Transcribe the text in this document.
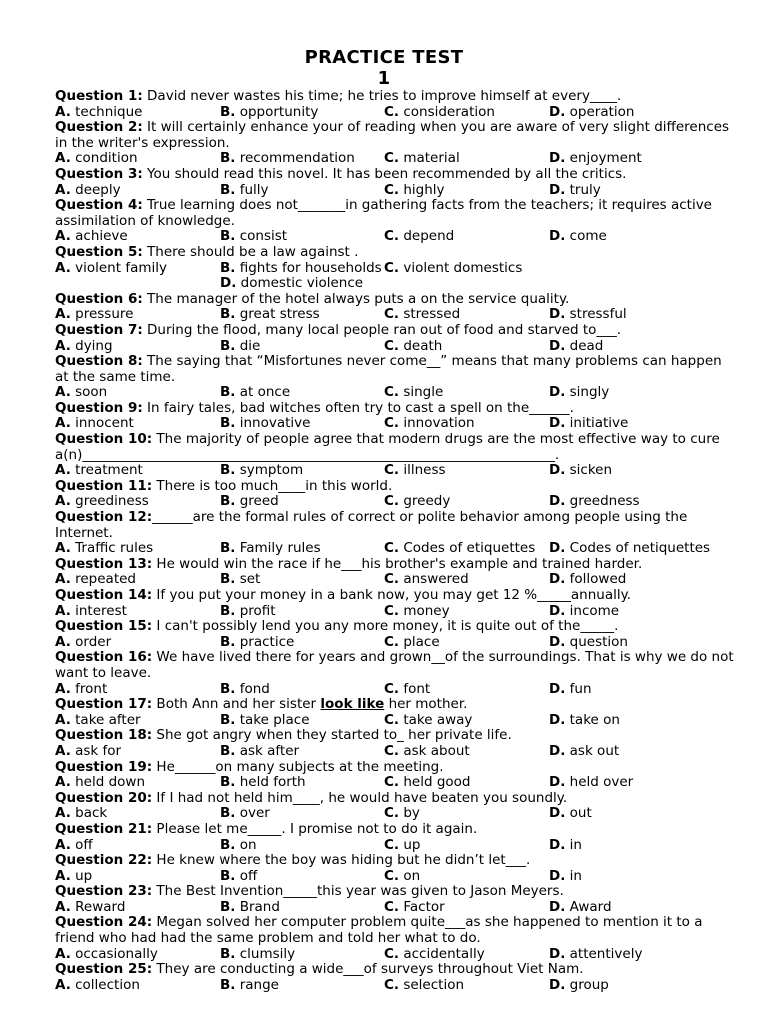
PRACTICE TEST
1
Question 1: David never wastes his time; he tries to improve himself at every____.
A. technique	B. opportunity	C. consideration	D. operation
Question 2: It will certainly enhance your of reading when you are aware of very slight differences in the writer's expression.
A. condition	B. recommendation C. material	D. enjoyment
Question 3: You should read this novel. It has been recommended by all the critics.
A. deeply	B. fully	C. highly	D. truly
Question 4: True learning does not_______in gathering facts from the teachers; it requires active assimilation of knowledge.
A. achieve	B. consist	C. depend	D. come
Question 5: There should be a law against .
A. violent family	B. fights for households C. violent domestics
D. domestic violence
Question 6: The manager of the hotel always puts a on the service quality.
A. pressure	B. great stress	C. stressed	D. stressful
Question 7: During the flood, many local people ran out of food and starved to___.
A. dying	B. die	C. death	D. dead
Question 8: The saying that “Misfortunes never come__” means that many problems can happen at the same time.
A. soon	B. at once	C. single	D. singly
Question 9: In fairy tales, bad witches often try to cast a spell on the______.
A. innocent	B. innovative	C. innovation	D. initiative
Question 10: The majority of people agree that modern drugs are the most effective way to cure a(n)______________________________________________________________________.
A. treatment	B. symptom	C. illness	D. sicken
Question 11: There is too much____in this world.
A. greediness	B. greed	C. greedy	D. greedness
Question 12:______are the formal rules of correct or polite behavior among people using the Internet.
A. Traffic rules	B. Family rules	C. Codes of etiquettes D. Codes of netiquettes
Question 13: He would win the race if he___his brother's example and trained harder.
A. repeated	B. set	C. answered	D. followed
Question 14: If you put your money in a bank now, you may get 12 %_____annually.
A. interest	B. profit	C. money	D. income
Question 15: I can't possibly lend you any more money, it is quite out of the_____.
A. order	B. practice	C. place	D. question
Question 16: We have lived there for years and grown__of the surroundings. That is why we do not want to leave.
A. front	B. fond	C. font	D. fun
Question 17: Both Ann and her sister look like her mother.
A. take after	B. take place	C. take away	D. take on
Question 18: She got angry when they started to_ her private life.
A. ask for	B. ask after	C. ask about	D. ask out
Question 19: He______on many subjects at the meeting.
A. held down	B. held forth	C. held good	D. held over
Question 20: If I had not held him____, he would have beaten you soundly.
A. back	B. over	C. by	D. out
Question 21: Please let me_____. I promise not to do it again.
A. off	B. on	C. up	D. in
Question 22: He knew where the boy was hiding but he didn’t let___.
A. up	B. off	C. on	D. in
Question 23: The Best Invention_____this year was given to Jason Meyers.
A. Reward	B. Brand	C. Factor	D. Award
Question 24: Megan solved her computer problem quite___as she happened to mention it to a friend who had had the same problem and told her what to do.
A. occasionally	B. clumsily	C. accidentally	D. attentively
Question 25: They are conducting a wide___of surveys throughout Viet Nam.
A. collection	B. range	C. selection	D. group
